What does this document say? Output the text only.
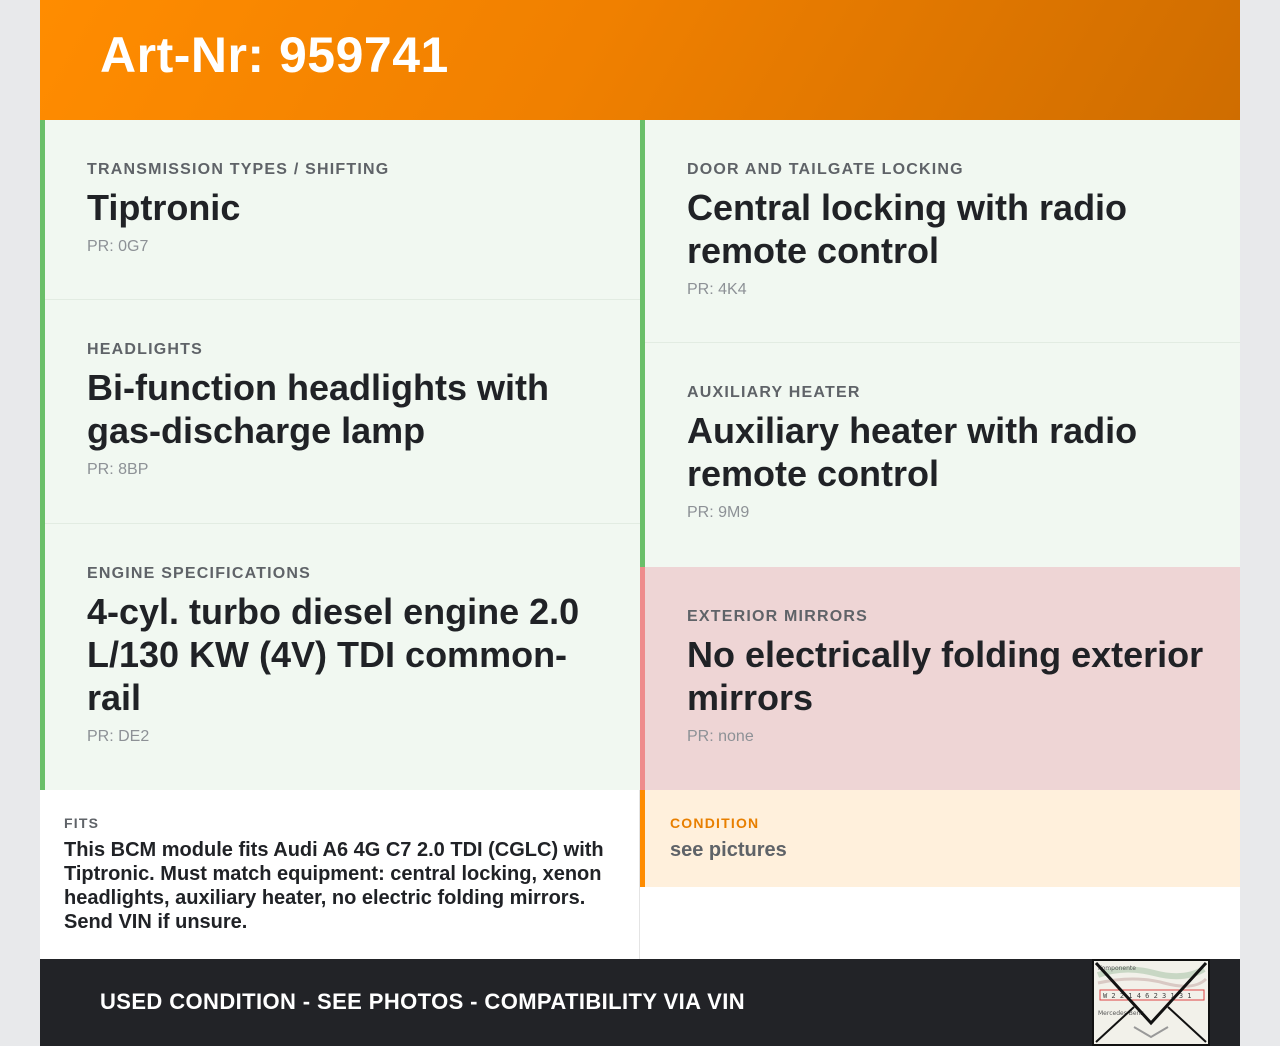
Art-Nr: 959741
TRANSMISSION TYPES / SHIFTING
Tiptronic
PR: 0G7
HEADLIGHTS
Bi-function headlights with gas-discharge lamp
PR: 8BP
ENGINE SPECIFICATIONS
4-cyl. turbo diesel engine 2.0 L/130 KW (4V) TDI common-rail
PR: DE2
DOOR AND TAILGATE LOCKING
Central locking with radio remote control
PR: 4K4
AUXILIARY HEATER
Auxiliary heater with radio remote control
PR: 9M9
EXTERIOR MIRRORS
No electrically folding exterior mirrors
PR: none
FITS
This BCM module fits Audi A6 4G C7 2.0 TDI (CGLC) with Tiptronic. Must match equipment: central locking, xenon headlights, auxiliary heater, no electric folding mirrors. Send VIN if unsure.
CONDITION
see pictures
USED CONDITION - SEE PHOTOS - COMPATIBILITY VIA VIN
Komponente
W 2 2 1 4 6 2 3 1 3 1
Mercedes-Benz
